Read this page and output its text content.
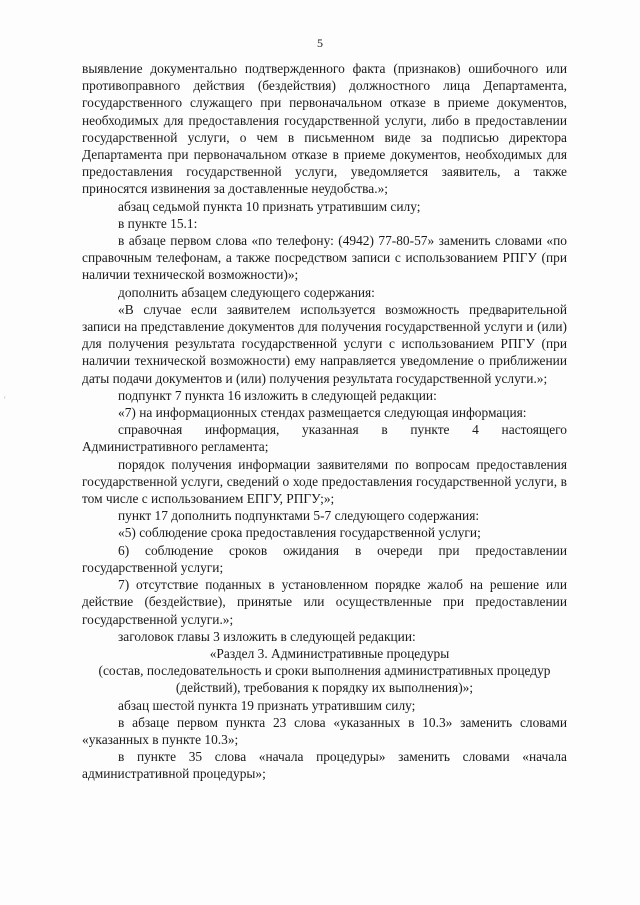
5
'

выявление документально подтвержденного факта (признаков) ошибочного или противоправного действия (бездействия) должностного лица Департамента, государственного служащего при первоначальном отказе в приеме документов, необходимых для предоставления государственной услуги, либо в предоставлении государственной услуги, о чем в письменном виде за подписью директора Департамента при первоначальном отказе в приеме документов, необходимых для предоставления государственной услуги, уведомляется заявитель, а также приносятся извинения за доставленные неудобства.»;

абзац седьмой пункта 10 признать утратившим силу;

в пункте 15.1:

в абзаце первом слова «по телефону: (4942) 77-80-57» заменить словами «по справочным телефонам, а также посредством записи с использованием РПГУ (при наличии технической возможности)»;

дополнить абзацем следующего содержания:

«В случае если заявителем используется возможность предварительной записи на представление документов для получения государственной услуги и (или) для получения результата государственной услуги с использованием РПГУ (при наличии технической возможности) ему направляется уведомление о приближении даты подачи документов и (или) получения результата государственной услуги.»;

подпункт 7 пункта 16 изложить в следующей редакции:

«7) на информационных стендах размещается следующая информация:

справочная информация, указанная в пункте 4 настоящего Административного регламента;

порядок получения информации заявителями по вопросам предоставления государственной услуги, сведений о ходе предоставления государственной услуги, в том числе с использованием ЕПГУ, РПГУ;»;

пункт 17 дополнить подпунктами 5-7 следующего содержания:

«5) соблюдение срока предоставления государственной услуги;

6) соблюдение сроков ожидания в очереди при предоставлении государственной услуги;

7) отсутствие поданных в установленном порядке жалоб на решение или действие (бездействие), принятые или осуществленные при предоставлении государственной услуги.»;

заголовок главы 3 изложить в следующей редакции:

«Раздел 3. Административные процедуры

(состав, последовательность и сроки выполнения административных процедур (действий), требования к порядку их выполнения)»;

абзац шестой пункта 19 признать утратившим силу;

в абзаце первом пункта 23 слова «указанных в 10.3» заменить словами «указанных в пункте 10.3»;

в пункте 35 слова «начала процедуры» заменить словами «начала административной процедуры»;
